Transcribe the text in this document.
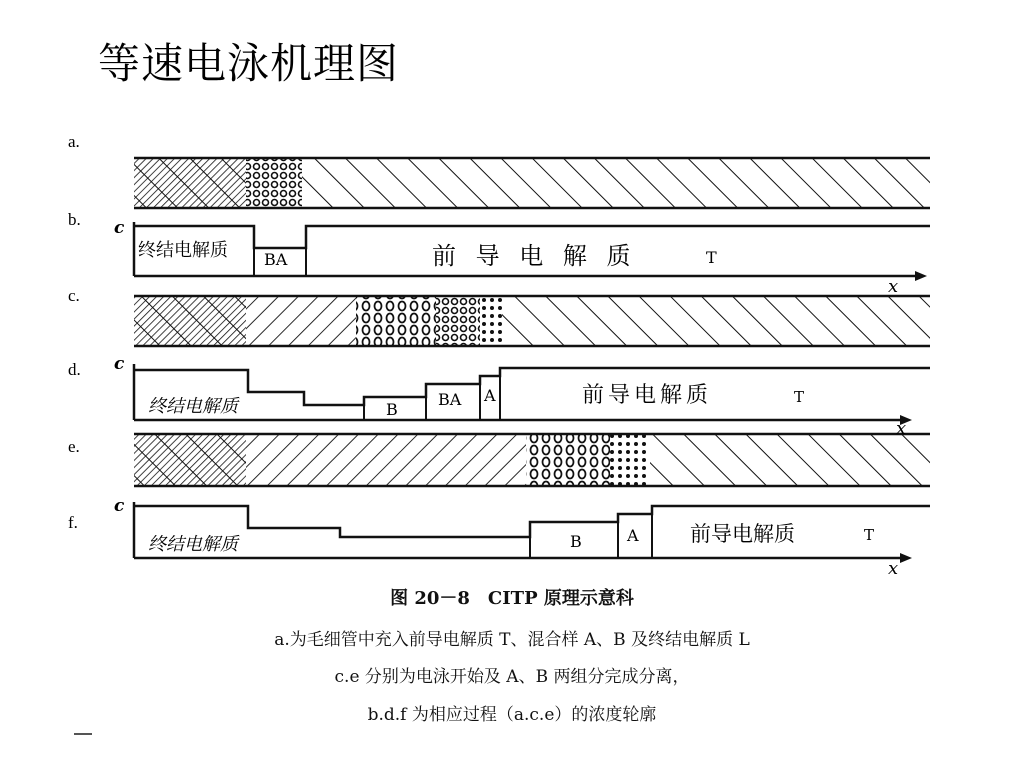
等速电泳机理图
a.
b.
c.
d.
e.
f.
c
终结电解质 BA	前 导 电 解 质	T
x
c
终结电解质	B
BA A	前导电解质	T
x
c
终结电解质	B	A 前导电解质	T
x
图 20－8　CITP 原理示意科
a.为毛细管中充入前导电解质 T、混合样 A、B 及终结电解质 L
c.e 分别为电泳开始及 A、B 两组分完成分离，
b.d.f 为相应过程（a.c.e）的浓度轮廓
